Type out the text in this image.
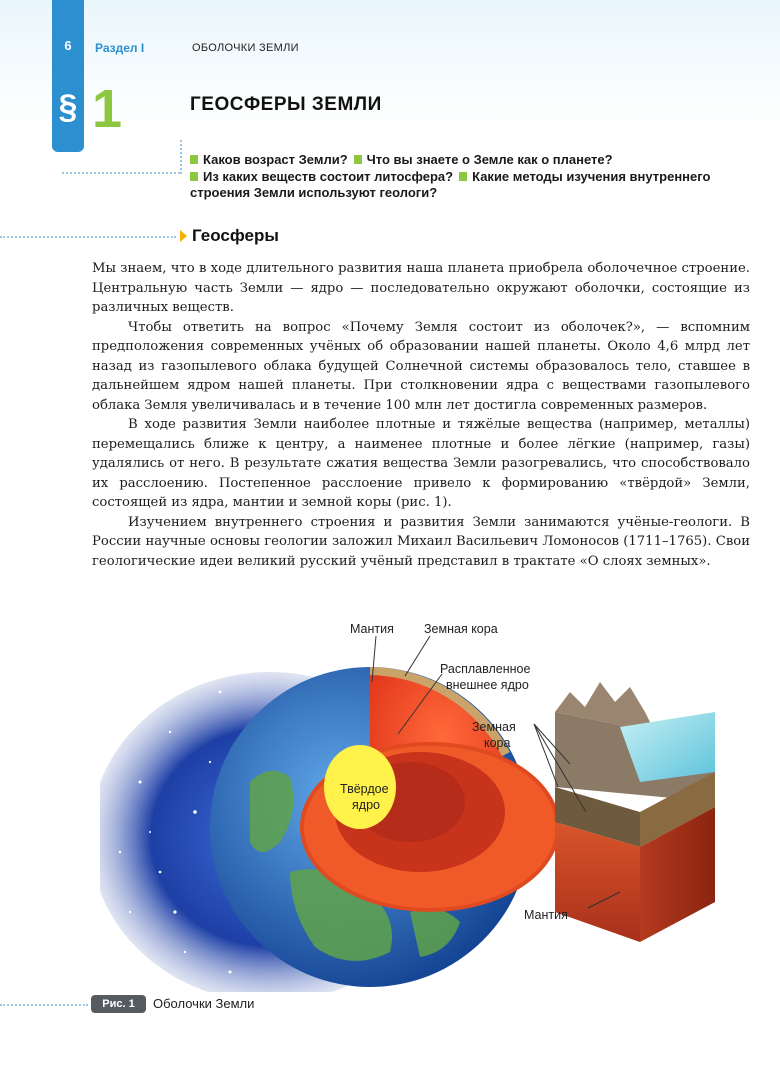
6
§
Раздел I	ОБОЛОЧКИ ЗЕМЛИ
1	ГЕОСФЕРЫ ЗЕМЛИ
Каков возраст Земли? Что вы знаете о Земле как о планете?
Из каких веществ состоит литосфера? Какие методы изучения внутреннего строения Земли используют геологи?
Геосферы

Мы знаем, что в ходе длительного развития наша планета приобрела оболочечное строение. Центральную часть Земли — ядро — последовательно окружают оболочки, состоящие из различных веществ.

Чтобы ответить на вопрос «Почему Земля состоит из оболочек?», — вспомним предположения современных учёных об образовании нашей планеты. Около 4,6 млрд лет назад из газопылевого облака будущей Солнечной системы образовалось тело, ставшее в дальнейшем ядром нашей планеты. При столкновении ядра с веществами газопылевого облака Земля увеличивалась и в течение 100 млн лет достигла современных размеров.

В ходе развития Земли наиболее плотные и тяжёлые вещества (например, металлы) перемещались ближе к центру, а наименее плотные и более лёгкие (например, газы) удалялись от него. В результате сжатия вещества Земли разогревались, что способствовало их расслоению. Постепенное расслоение привело к формированию «твёрдой» Земли, состоящей из ядра, мантии и земной коры (рис. 1).

Изучением внутреннего строения и развития Земли занимаются учёные-геологи. В России научные основы геологии заложил Михаил Васильевич Ломоносов (1711–1765). Свои геологические идеи великий русский учёный представил в трактате «О слоях земных».

Мантия Земная кора
Расплавленное
внешнее ядро
Твёрдое
ядро
Земная
кора
Мантия
Рис. 1	Оболочки Земли
